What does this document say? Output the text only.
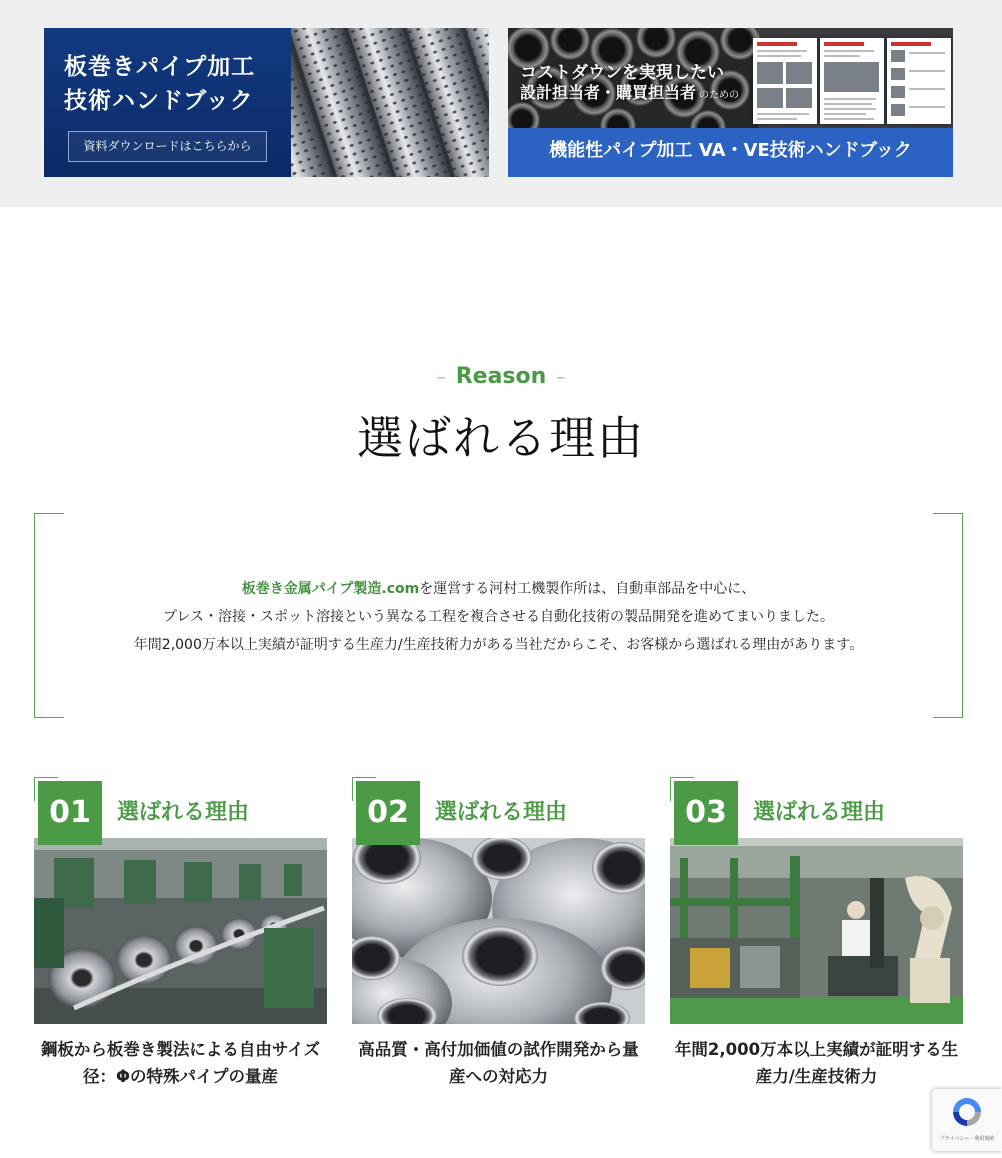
板巻きパイプ加工 技術ハンドブック
資料ダウンロードはこちらから
コストダウンを実現したい
設計担当者・購買担当者 のための
機能性パイプ加工 VA・VE技術ハンドブック
– Reason –
選ばれる理由
板巻き金属パイプ製造.comを運営する河村工機製作所は、自動車部品を中心に、
プレス・溶接・スポット溶接という異なる工程を複合させる自動化技術の製品開発を進めてまいりました。
年間2,000万本以上実績が証明する生産力/生産技術力がある当社だからこそ、お客様から選ばれる理由があります。
01	選ばれる理由
鋼板から板巻き製法による自由サイズ径：Φの特殊パイプの量産
02	選ばれる理由
高品質・高付加価値の試作開発から量産への対応力
03	選ばれる理由
年間2,000万本以上実績が証明する生産力/生産技術力
プライバシー・利用規約
